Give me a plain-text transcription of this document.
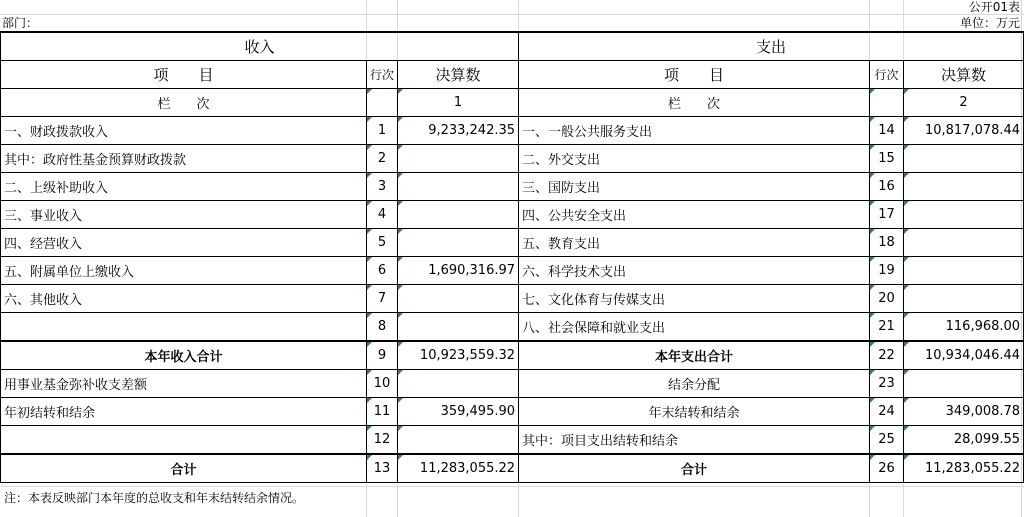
公开01表
部门：	单位：万元
收入			支出		
项　　目	行次	决算数	项　　目	行次	决算数
栏　　次		1	栏　　次		2
一、财政拨款收入	1	9,233,242.35	一、一般公共服务支出	14	10,817,078.44
其中：政府性基金预算财政拨款	2		二、外交支出	15	
二、上级补助收入	3		三、国防支出	16	
三、事业收入	4		四、公共安全支出	17	
四、经营收入	5		五、教育支出	18	
五、附属单位上缴收入	6	1,690,316.97	六、科学技术支出	19	
六、其他收入	7		七、文化体育与传媒支出	20	
	8		八、社会保障和就业支出	21	116,968.00
本年收入合计	9	10,923,559.32	本年支出合计	22	10,934,046.44
用事业基金弥补收支差额	10		结余分配	23	
年初结转和结余	11	359,495.90	年末结转和结余	24	349,008.78
	12		其中：项目支出结转和结余	25	28,099.55
合计	13	11,283,055.22	合计	26	11,283,055.22
注：本表反映部门本年度的总收支和年末结转结余情况。
